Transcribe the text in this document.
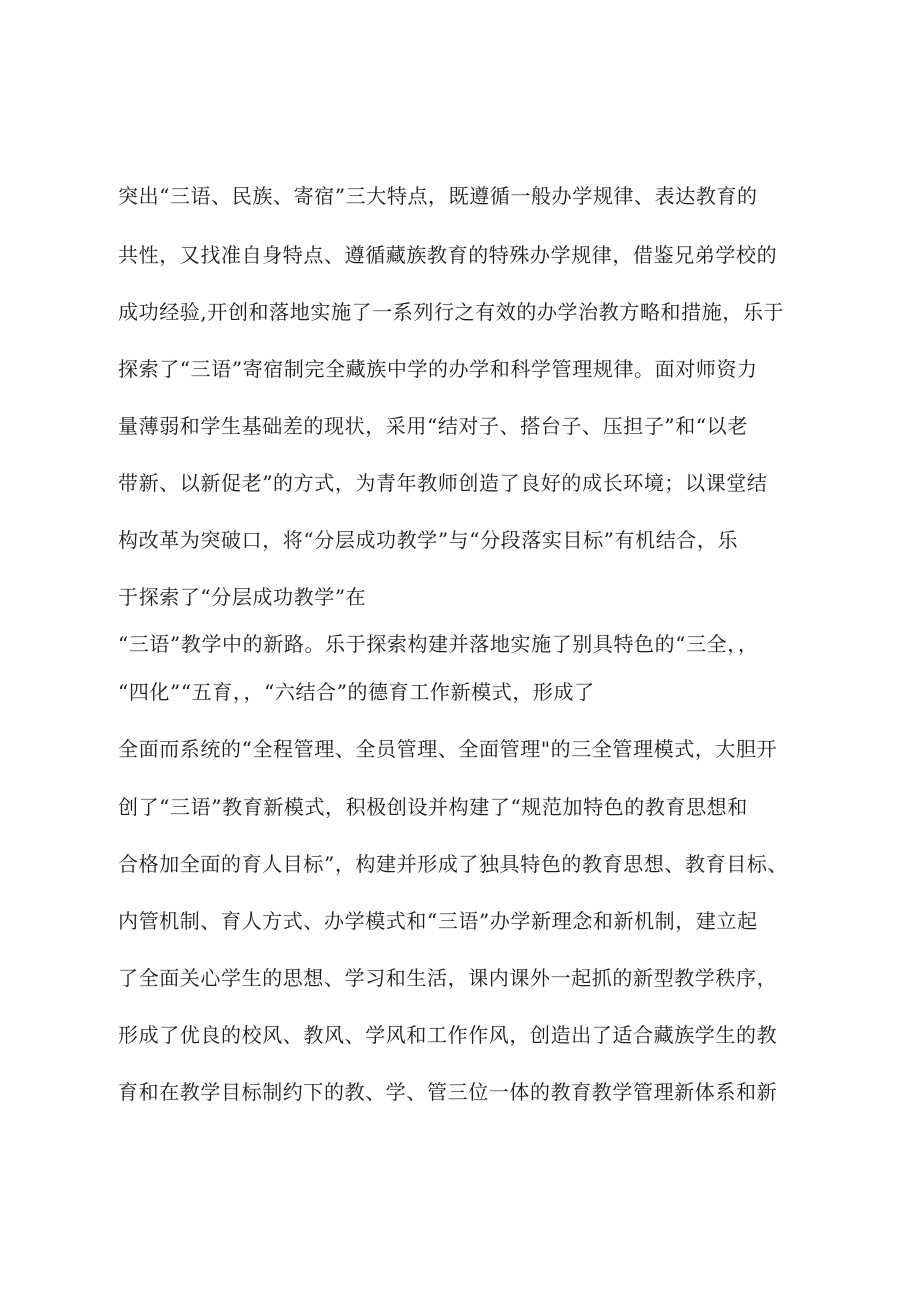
突出“三语、民族、寄宿”三大特点，既遵循一般办学规律、表达教育的
共性，又找准自身特点、遵循藏族教育的特殊办学规律，借鉴兄弟学校的
成功经验,开创和落地实施了一系列行之有效的办学治教方略和措施，乐于
探索了“三语”寄宿制完全藏族中学的办学和科学管理规律。面对师资力
量薄弱和学生基础差的现状，采用“结对子、搭台子、压担子”和“以老
带新、以新促老”的方式，为青年教师创造了良好的成长环境；以课堂结
构改革为突破口，将“分层成功教学”与“分段落实目标”有机结合，乐
于探索了“分层成功教学”在
“三语”教学中的新路。乐于探索构建并落地实施了别具特色的“三全，，
“四化”“五育，，“六结合”的德育工作新模式，形成了
全面而系统的“全程管理、全员管理、全面管理"的三全管理模式，大胆开
创了“三语”教育新模式，积极创设并构建了“规范加特色的教育思想和
合格加全面的育人目标”，构建并形成了独具特色的教育思想、教育目标、
内管机制、育人方式、办学模式和“三语”办学新理念和新机制，建立起
了全面关心学生的思想、学习和生活，课内课外一起抓的新型教学秩序，
形成了优良的校风、教风、学风和工作作风，创造出了适合藏族学生的教
育和在教学目标制约下的教、学、管三位一体的教育教学管理新体系和新
